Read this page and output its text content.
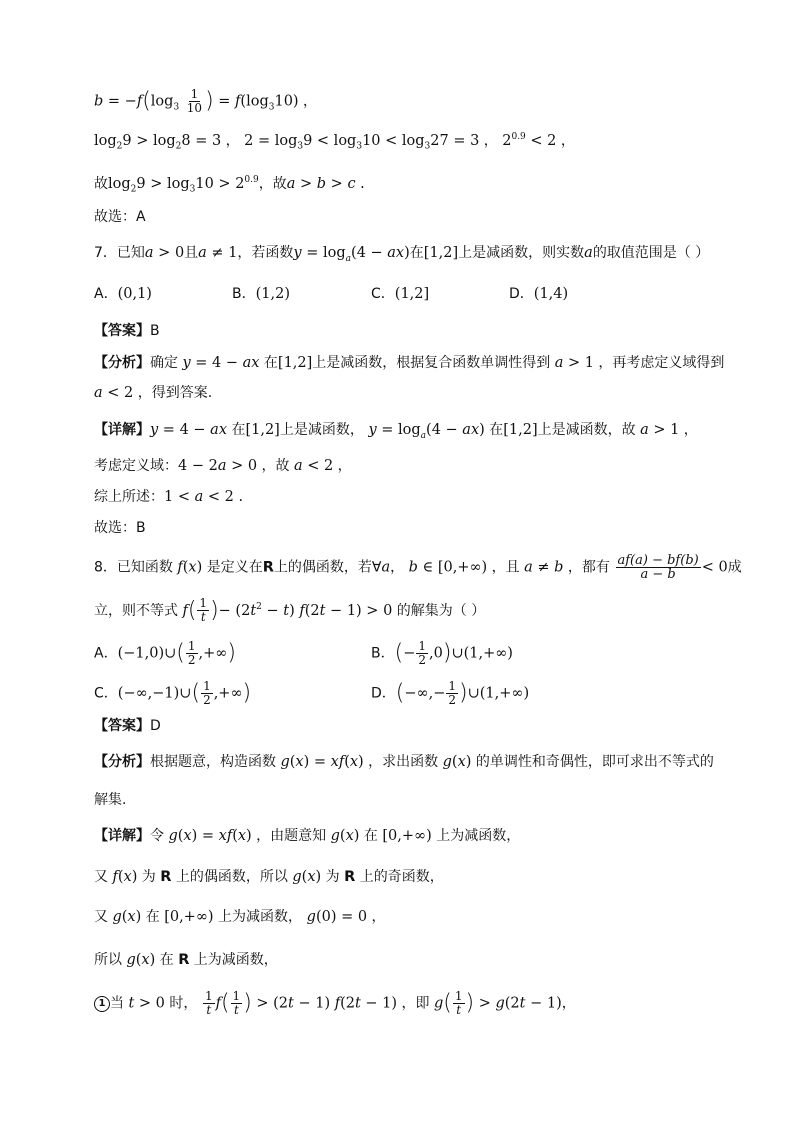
$b = -f(\log_3 \frac{1}{10}$ ) = $f(\log_310)$ ，
$\log_29 > \log_28 = 3$ ， $2 = \log_39 < \log_310 < \log_327 = 3$ ， $2^{0.9} < 2$ ，
故$\log_29 > \log_310 > 2^{0.9}$，故a > b > c .
故选：A
7．已知a > 0且a ≠ 1，若函数$y = \log_a(4 - ax)$在[1,2]上是减函数，则实数a的取值范围是（ ）
A．(0,1)	B．(1,2)	C．(1,2]	D．(1,4)
【答案】B
【分析】确定 y = 4 − ax 在[1,2]上是减函数，根据复合函数单调性得到 a > 1 ，再考虑定义域得到
a < 2 ，得到答案.
【详解】y = 4 − ax 在[1,2]上是减函数， $y = \log_a(4 - ax)$ 在[1,2]上是减函数，故 a > 1 ，
考虑定义域：4 − 2a > 0 ，故 a < 2 ，
综上所述：1 < a < 2 .
故选：B
8．已知函数 f(x) 是定义在R上的偶函数，若∀a， b ∈ [0,+∞) ，且 a ≠ b ，都有 $\frac{af(a) - bf(b)}{a - b} < 0$成
立，则不等式 $f( \frac{1}{t}$ )− $(2t^2 - t) f(2t - 1) > 0$ 的解集为（ ）
A．(−1,0)∪( $\frac{1}{2}$ ,+∞)	B．(− $\frac{1}{2}$ ,0)∪(1,+∞)
C．(−∞,−1)∪( $\frac{1}{2}$ ,+∞)	D．(−∞,− $\frac{1}{2}$ )∪(1,+∞)
【答案】D
【分析】根据题意，构造函数 g(x) = xf(x) ，求出函数 g(x) 的单调性和奇偶性，即可求出不等式的
解集.
【详解】令 g(x) = xf(x) ，由题意知 g(x) 在 [0,+∞) 上为减函数，
又 f(x) 为 R 上的偶函数，所以 g(x) 为 R 上的奇函数，
又 g(x) 在 [0,+∞) 上为减函数， g(0) = 0 ，
所以 g(x) 在 R 上为减函数，
1 当 t > 0 时， $\frac{1}{t} f( \frac{1}{t}$ ) > (2t − 1) f(2t − 1) ，即 $g( \frac{1}{t}$ ) > g(2t − 1)，
